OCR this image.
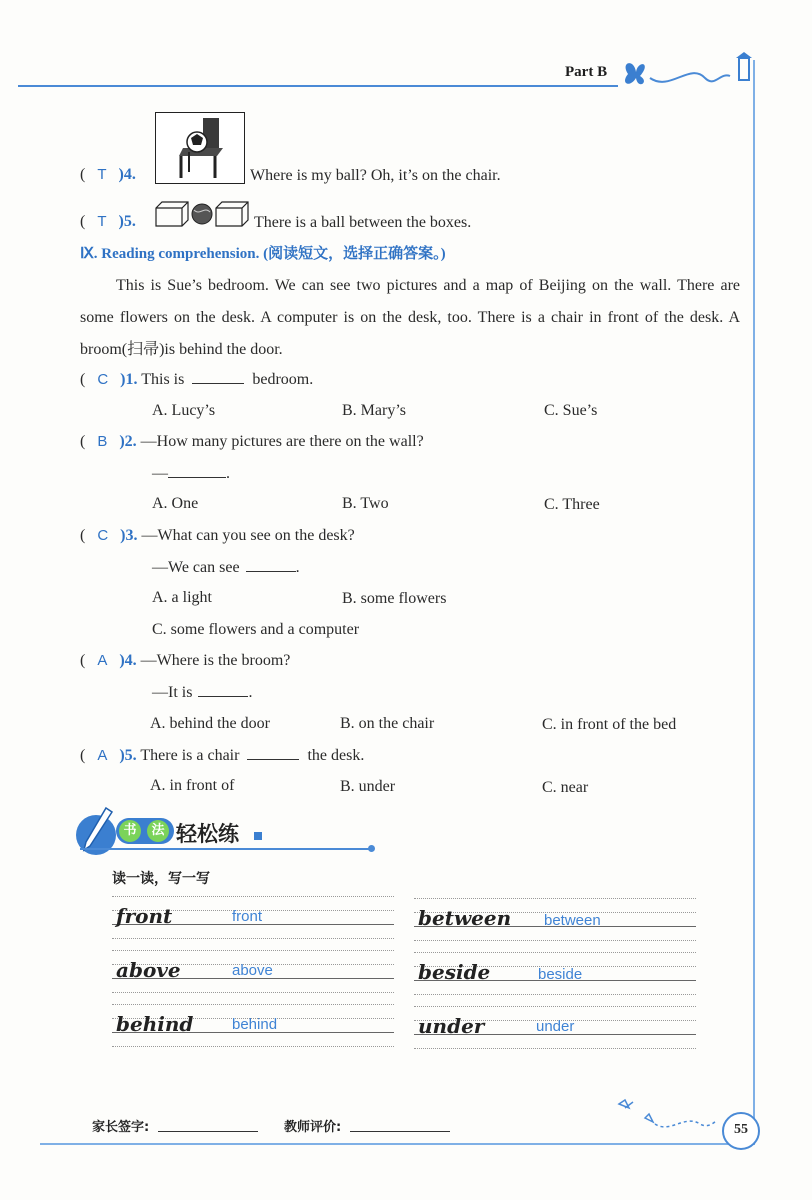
Part B
( T )4.	Where is my ball? Oh, it’s on the chair.
( T )5.	There is a ball between the boxes.
Ⅸ. Reading comprehension. (阅读短文，选择正确答案。)
This is Sue’s bedroom. We can see two pictures and a map of Beijing on the wall. There are some flowers on the desk. A computer is on the desk, too. There is a chair in front of the desk. A broom(扫帚)is behind the door.
( C )1. This is	bedroom.
A. Lucy’s	B. Mary’s	C. Sue’s
( B )2. —How many pictures are there on the wall?
—	.
A. One	B. Two	C. Three
( C )3. —What can you see on the desk?
—We can see	.
A. a light	B. some flowers
C. some flowers and a computer
( A )4. —Where is the broom?
—It is	.
A. behind the door	B. on the chair	C. in front of the bed
( A )5. There is a chair	the desk.
A. in front of	B. under	C. near
书 法 轻松练
读一读，写一写
front	front	between between
above	above	beside	beside
behind	behind	under	under
家长签字:	教师评价:	55
